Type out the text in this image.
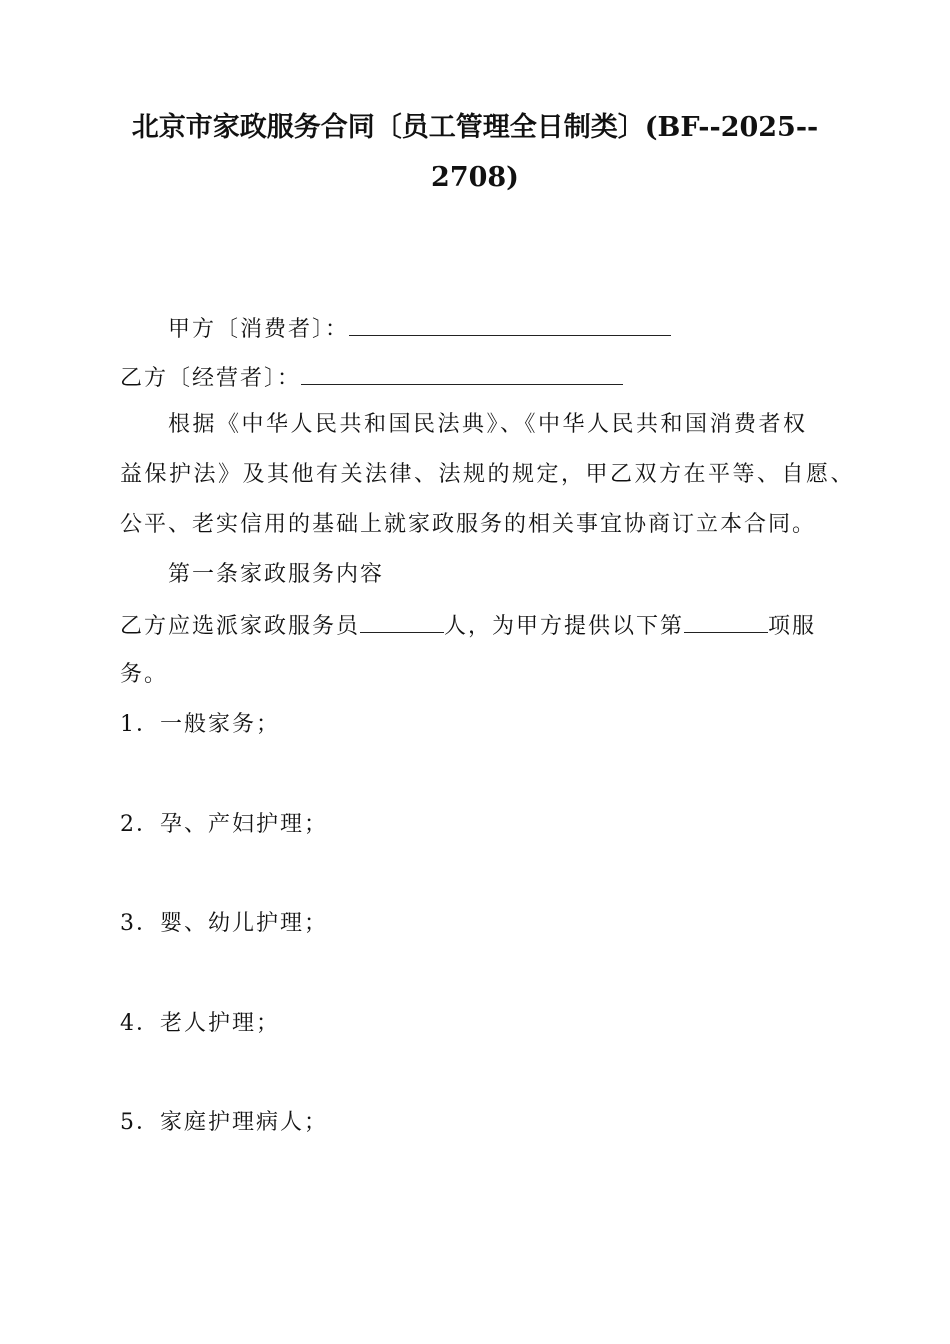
北京市家政服务合同〔员工管理全日制类〕(BF--2025--
2708)
甲方〔消费者〕：
乙方〔经营者〕：
根据《中华人民共和国民法典》、《中华人民共和国消费者权
益保护法》及其他有关法律、法规的规定，甲乙双方在平等、自愿、
公平、老实信用的基础上就家政服务的相关事宜协商订立本合同。
第一条家政服务内容
乙方应选派家政服务员	人，为甲方提供以下第	项服
务。
1．一般家务；
2．孕、产妇护理；
3．婴、幼儿护理；
4．老人护理；
5．家庭护理病人；
